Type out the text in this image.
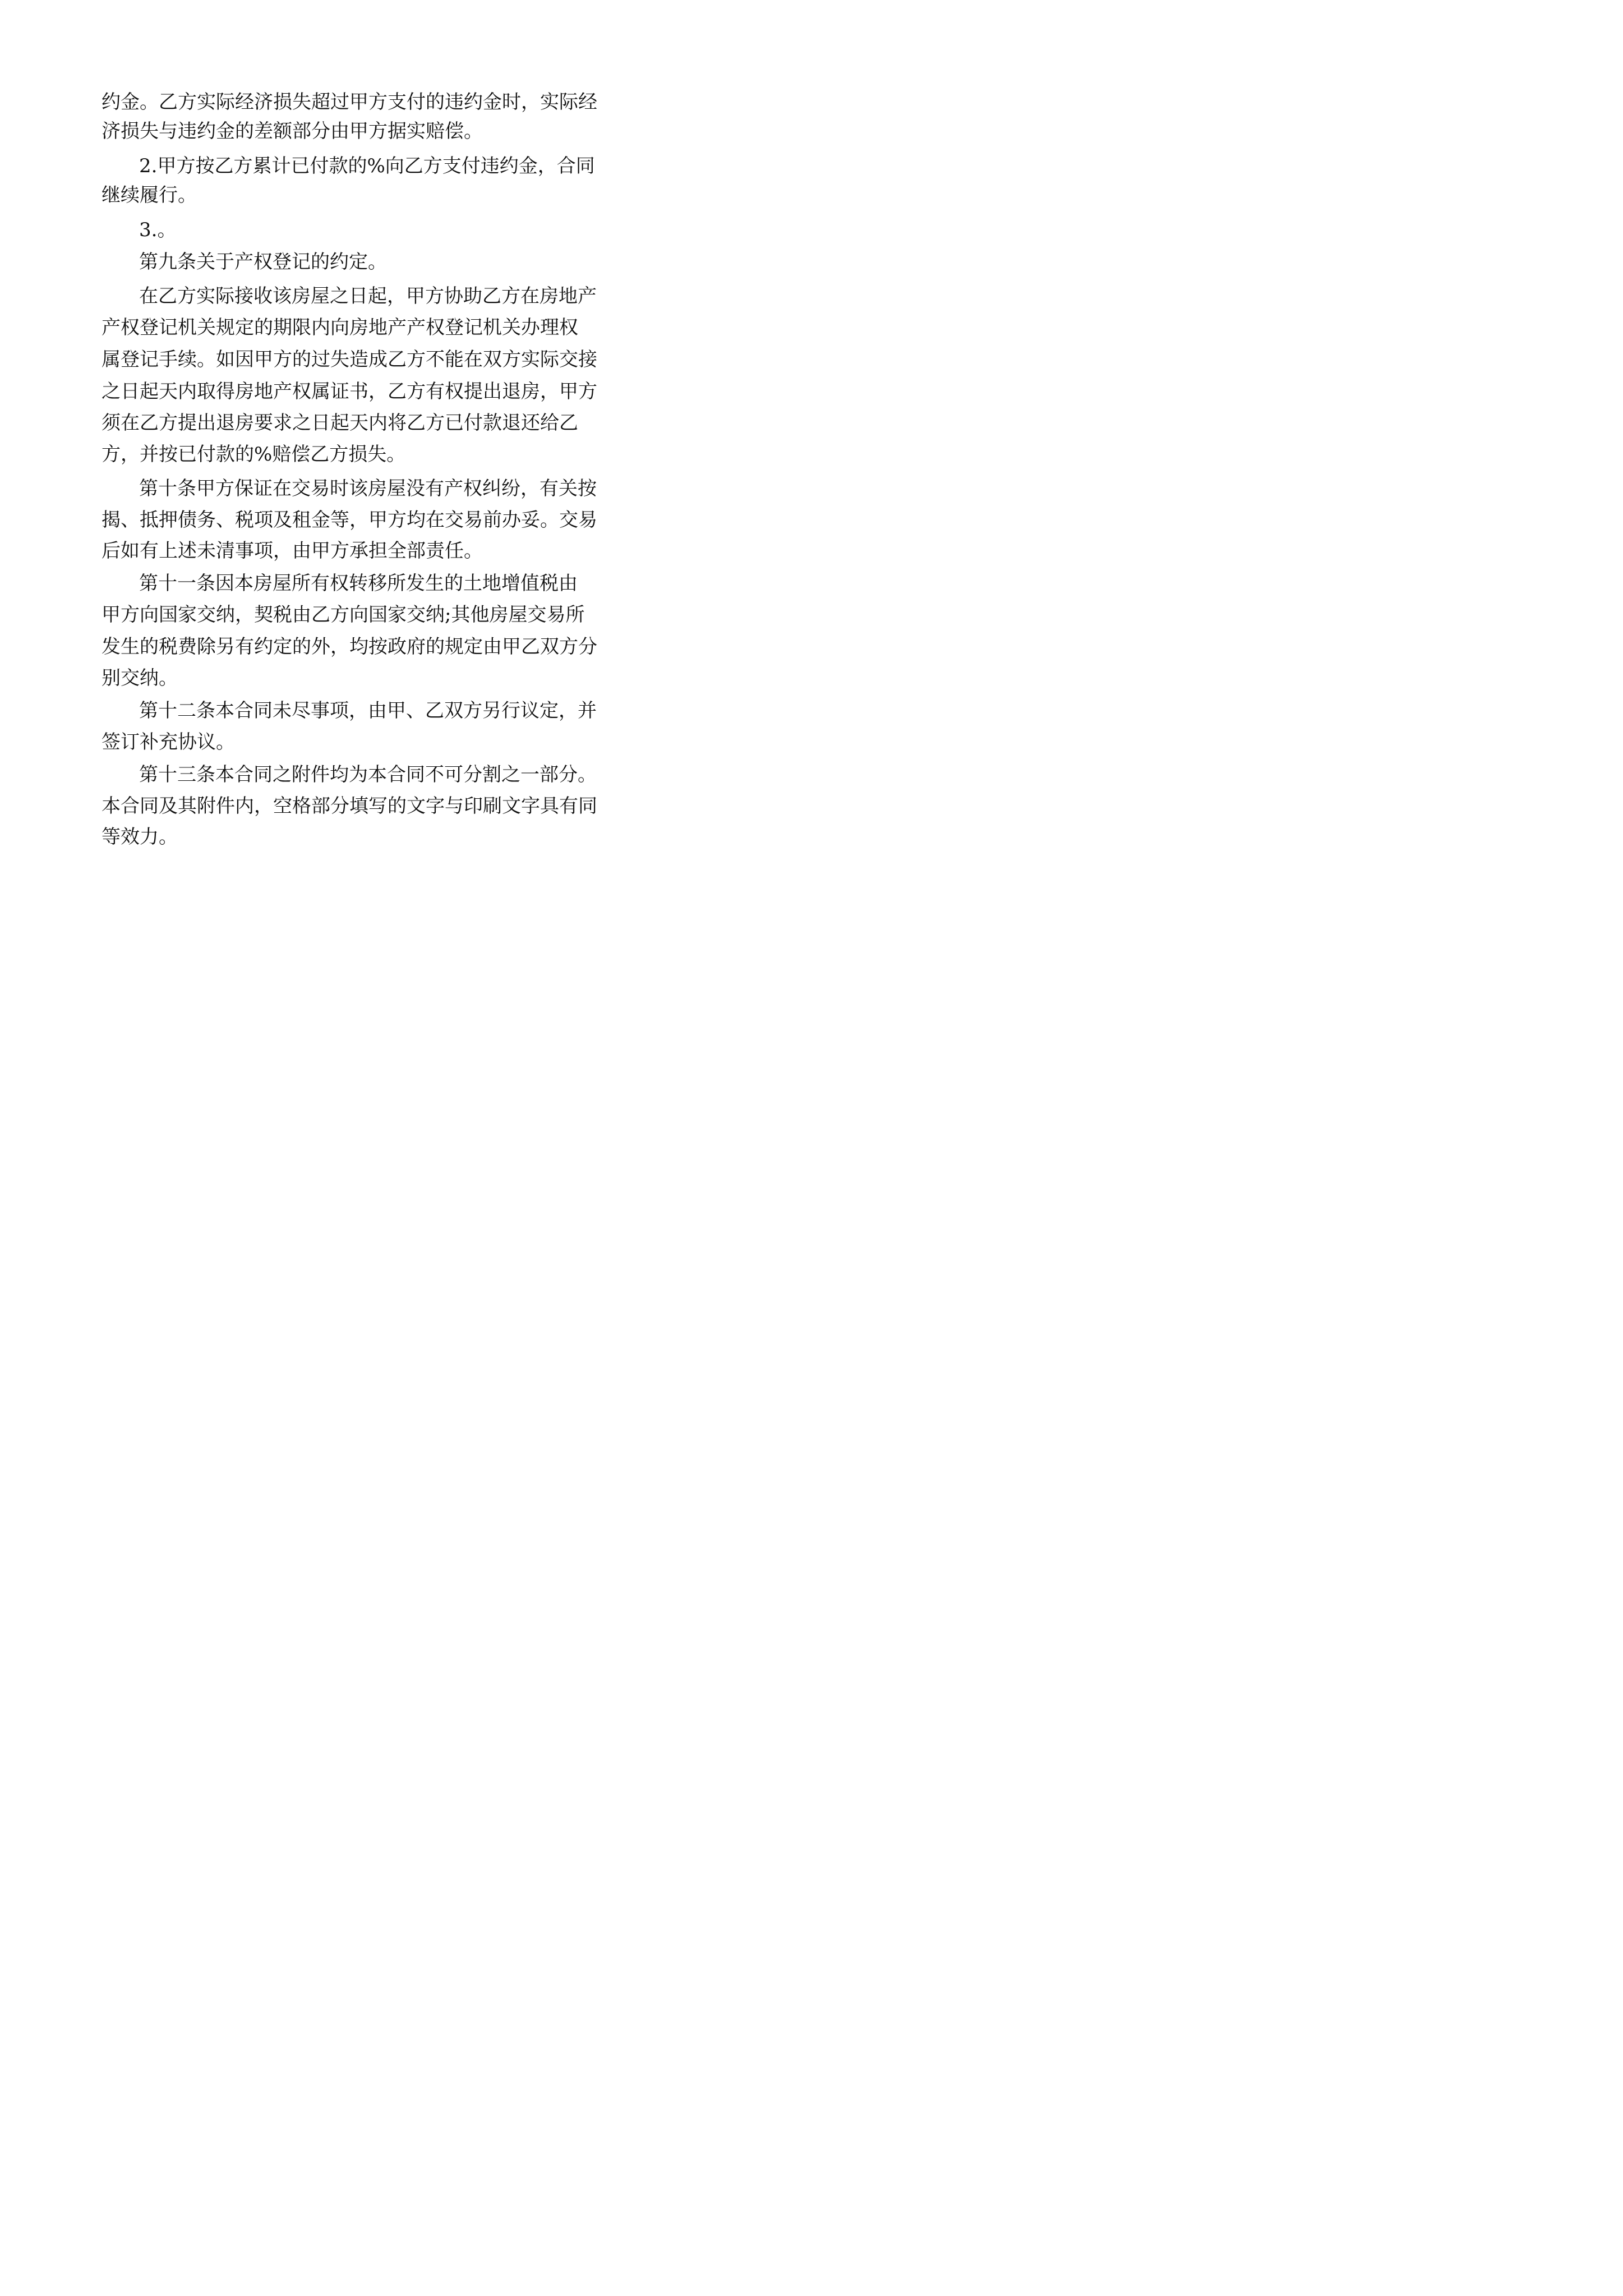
约金。乙方实际经济损失超过甲方支付的违约金时，实际经
济损失与违约金的差额部分由甲方据实赔偿。
2.甲方按乙方累计已付款的%向乙方支付违约金，合同
继续履行。
3.。
第九条关于产权登记的约定。
在乙方实际接收该房屋之日起，甲方协助乙方在房地产
产权登记机关规定的期限内向房地产产权登记机关办理权
属登记手续。如因甲方的过失造成乙方不能在双方实际交接
之日起天内取得房地产权属证书，乙方有权提出退房，甲方
须在乙方提出退房要求之日起天内将乙方已付款退还给乙
方，并按已付款的%赔偿乙方损失。
第十条甲方保证在交易时该房屋没有产权纠纷，有关按
揭、抵押债务、税项及租金等，甲方均在交易前办妥。交易
后如有上述未清事项，由甲方承担全部责任。
第十一条因本房屋所有权转移所发生的土地增值税由
甲方向国家交纳，契税由乙方向国家交纳;其他房屋交易所
发生的税费除另有约定的外，均按政府的规定由甲乙双方分
别交纳。
第十二条本合同未尽事项，由甲、乙双方另行议定，并
签订补充协议。
第十三条本合同之附件均为本合同不可分割之一部分。
本合同及其附件内，空格部分填写的文字与印刷文字具有同
等效力。
